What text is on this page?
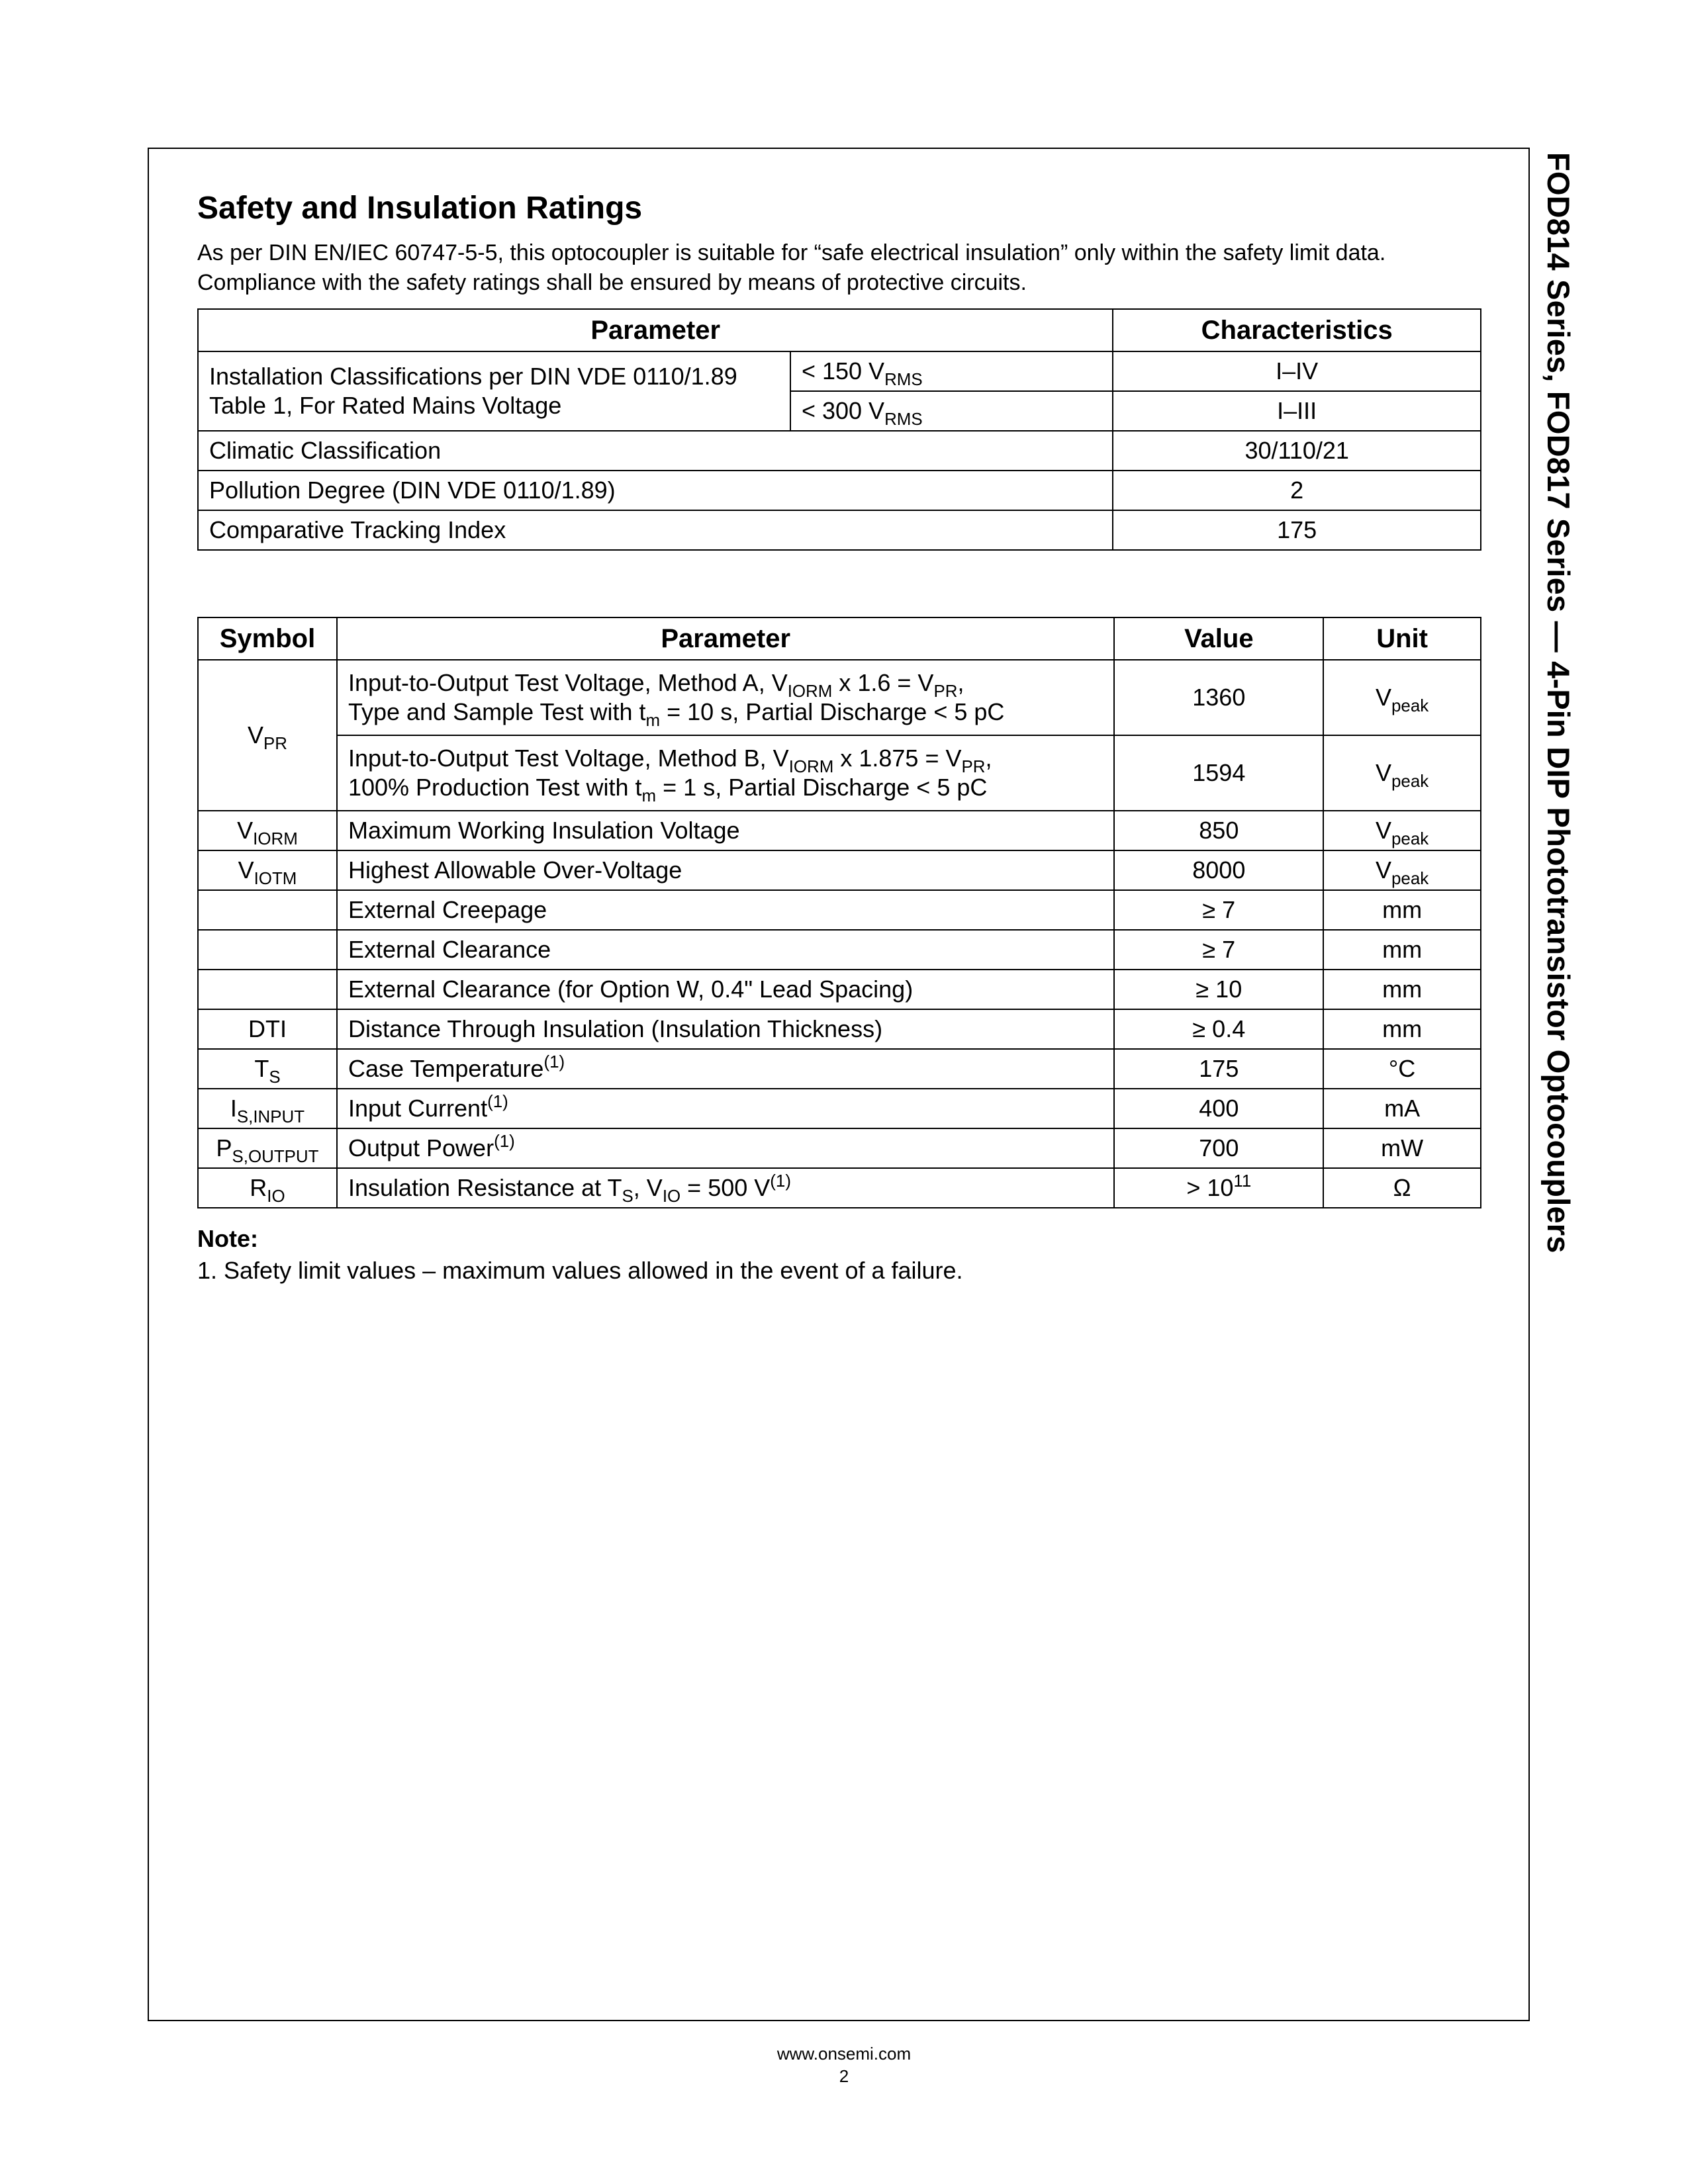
FOD814 Series, FOD817 Series — 4-Pin DIP Phototransistor Optocouplers
Safety and Insulation Ratings

As per DIN EN/IEC 60747-5-5, this optocoupler is suitable for “safe electrical insulation” only within the safety limit data. Compliance with the safety ratings shall be ensured by means of protective circuits.

Parameter		Characteristics
Installation Classifications per DIN VDE 0110/1.89 Table 1, For Rated Mains Voltage	< 150 $V_{RMS}$	I–IV
	< 300 $V_{RMS}$	I–III
Climatic Classification		30/110/21
Pollution Degree (DIN VDE 0110/1.89)		2
Comparative Tracking Index		175
Symbol	Parameter	Value	Unit
$V_{PR}$	Input-to-Output Test Voltage, Method A, $V_{IORM}$ x $1.6 = V_{PR}$,
Type and Sample Test with $t_m = 10$ s, Partial Discharge < 5 pC	1360	$V_{peak}$
	Input-to-Output Test Voltage, Method B, $V_{IORM}$ x $1.875 = V_{PR}$,
100% Production Test with $t_m = 1$ s, Partial Discharge < 5 pC	1594	$V_{peak}$
$V_{IORM}$	Maximum Working Insulation Voltage	850	$V_{peak}$
$V_{IOTM}$	Highest Allowable Over-Voltage	8000	$V_{peak}$
	External Creepage	≥ 7	mm
	External Clearance	≥ 7	mm
	External Clearance (for Option W, 0.4" Lead Spacing)	≥ 10	mm
DTI	Distance Through Insulation (Insulation Thickness)	≥ 0.4	mm
$T_S$	Case Temperature$^{(1)}$	175	°C
$I_{S,INPUT}$	Input Current$^{(1)}$	400	mA
$P_{S,OUTPUT}$	Output Power$^{(1)}$	700	mW
$R_{IO}$	Insulation Resistance at $T_S$, $V_{IO} = 500$ $V^{(1)}$	> $10^{11}$	Ω
Note:
1. Safety limit values – maximum values allowed in the event of a failure.
www.onsemi.com
2
